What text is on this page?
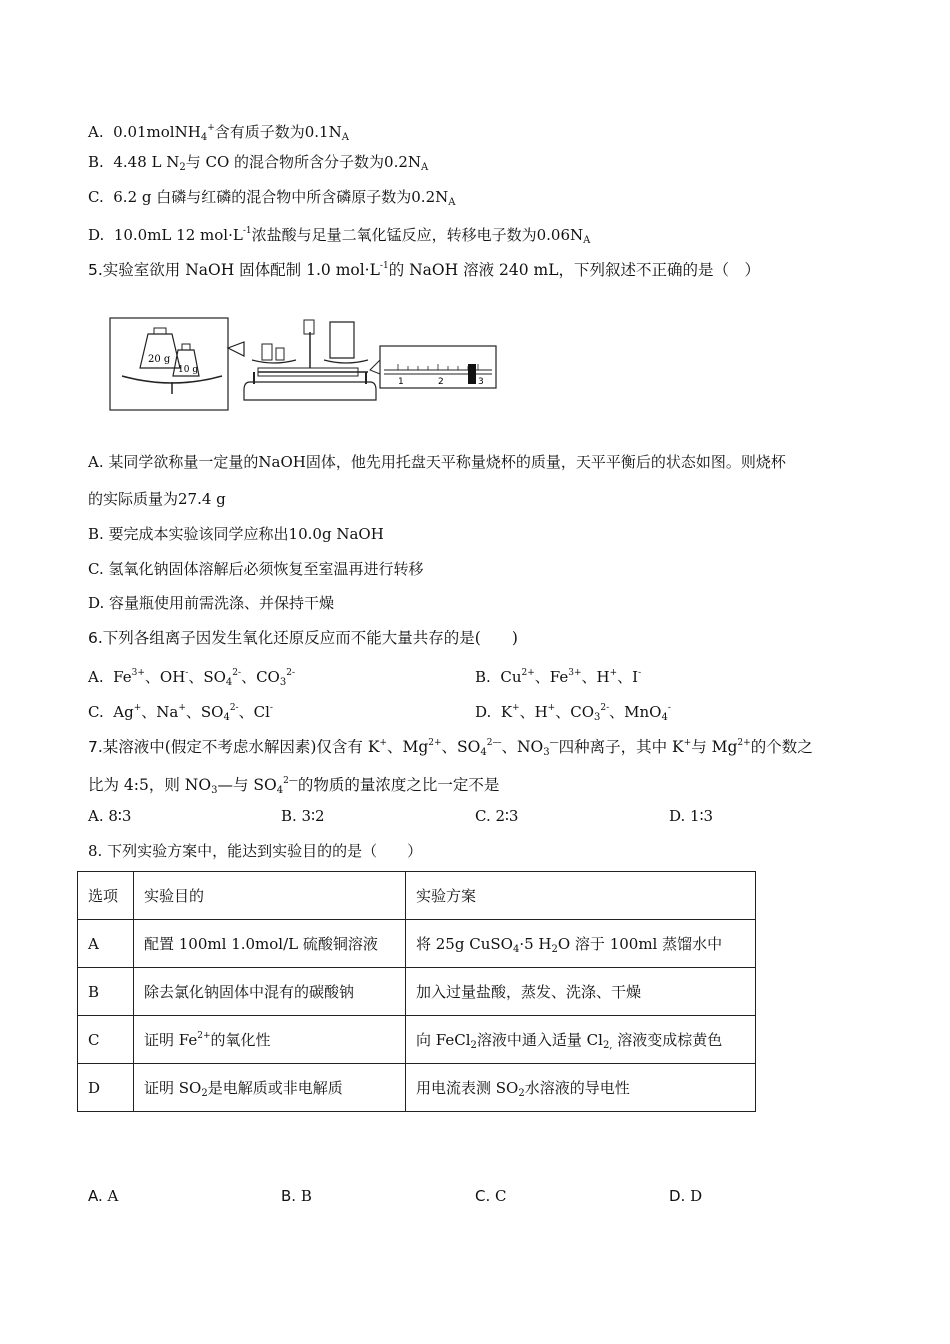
A. 0.01molNH$_4$+含有质子数为$0.1N_A$
B. 4.48 L $N_2$与 CO 的混合物所含分子数为$0.2N_A$
C. 6.2 g 白磷与红磷的混合物中所含磷原子数为$0.2N_A$
D. 10.0mL 12 $mol\cdot L^{-1}$浓盐酸与足量二氧化锰反应，转移电子数为$0.06N_A$
5.实验室欲用 NaOH 固体配制 1.0 $mol\cdot L^{-1}$的 NaOH 溶液 240 mL，下列叙述不正确的是（　）
20 g
10 g
1	2	3
A. 某同学欲称量一定量的NaOH固体，他先用托盘天平称量烧杯的质量，天平平衡后的状态如图。则烧杯
的实际质量为27.4 g
B. 要完成本实验该同学应称出10.0g NaOH
C. 氢氧化钠固体溶解后必须恢复至室温再进行转移
D. 容量瓶使用前需洗涤、并保持干燥
6.下列各组离子因发生氧化还原反应而不能大量共存的是(　　)
A. $Fe^{3+}$、OH-、$SO_4^{2-}$、$CO_3^{2-}$	B. $Cu^{2+}$、$Fe^{3+}$、H+、I-
C. Ag+、Na+、$SO_4^{2-}$、Cl-	D. K+、H+、$CO_3^{2-}$、MnO$_4$-
7.某溶液中(假定不考虑水解因素)仅含有 K+、$Mg^{2+}$、$SO_4^{2—}$、$NO_3^—$四种离子，其中 K+与 $Mg^{2+}$的个数之
比为 4:5，则 $NO_3—$与 $SO_4^{2—}$的物质的量浓度之比一定不是
A. 8∶3	B. 3∶2	C. 2∶3	D. 1∶3
8. 下列实验方案中，能达到实验目的的是（　　）
选项	实验目的	实验方案
A	配置 100ml 1.0mol/L 硫酸铜溶液	将 25g CuSO$_4$·5 $H_2O$ 溶于 100ml 蒸馏水中
B	除去氯化钠固体中混有的碳酸钠	加入过量盐酸，蒸发、洗涤、干燥
C	证明 $Fe^{2+}$的氧化性	向 FeCl$_2$溶液中通入适量 $Cl_{2,}$ 溶液变成棕黄色
D	证明 $SO_2$是电解质或非电解质	用电流表测 $SO_2$水溶液的导电性
A. A	B. B	C. C	D. D
